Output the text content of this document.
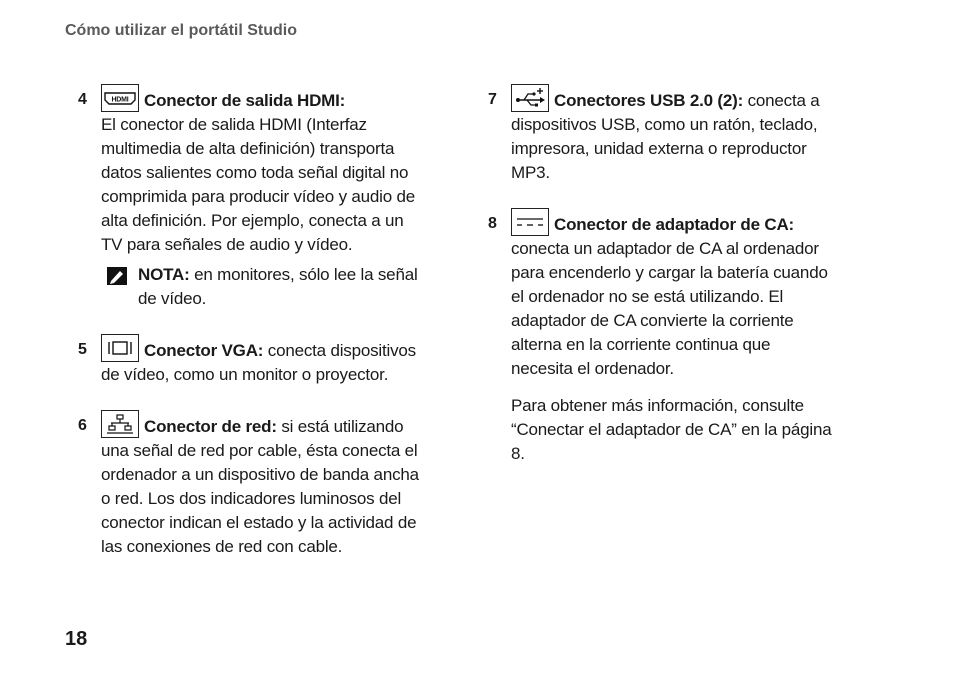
Cómo utilizar el portátil Studio
4	HDMI Conector de salida HDMI:

El conector de salida HDMI (Interfaz multimedia de alta definición) transporta datos salientes como toda señal digital no comprimida para producir vídeo y audio de alta definición. Por ejemplo, conecta a un TV para señales de audio y vídeo.

NOTA: en monitores, sólo lee la señal de vídeo.

5	Conector VGA: conecta dispositivos de vídeo, como un monitor o proyector.

6	Conector de red: si está utilizando una señal de red por cable, ésta conecta el ordenador a un dispositivo de banda ancha o red. Los dos indicadores luminosos del conector indican el estado y la actividad de las conexiones de red con cable.

7	Conectores USB 2.0 (2): conecta a dispositivos USB, como un ratón, teclado, impresora, unidad externa o reproductor MP3.

8	Conector de adaptador de CA:

conecta un adaptador de CA al ordenador para encenderlo y cargar la batería cuando el ordenador no se está utilizando. El adaptador de CA convierte la corriente alterna en la corriente continua que necesita el ordenador.

Para obtener más información, consulte “Conectar el adaptador de CA” en la página 8.

18
